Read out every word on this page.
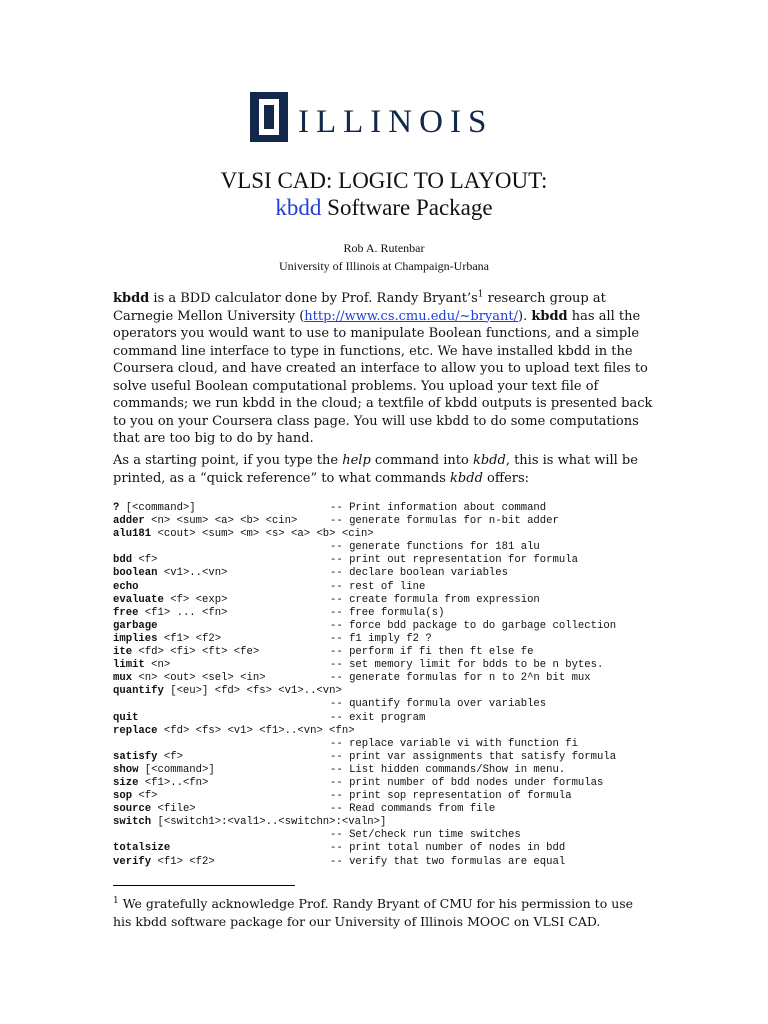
ILLINOIS
VLSI CAD: LOGIC TO LAYOUT:
kbdd Software Package
Rob A. Rutenbar
University of Illinois at Champaign-Urbana
kbdd is a BDD calculator done by Prof. Randy $Bryant’s^1$ research group at Carnegie Mellon University (http://www.cs.cmu.edu/~bryant/). kbdd has all the operators you would want to use to manipulate Boolean functions, and a simple command line interface to type in functions, etc. We have installed kbdd in the Coursera cloud, and have created an interface to allow you to upload text files to solve useful Boolean computational problems. You upload your text file of commands; we run kbdd in the cloud; a textfile of kbdd outputs is presented back to you on your Coursera class page. You will use kbdd to do some computations that are too big to do by hand.
As a starting point, if you type the help command into kbdd, this is what will be printed, as a “quick reference” to what commands kbdd offers:
? [<command>]	-- Print information about command
adder <n> <sum> <a> <b> <cin>	-- generate formulas for n-bit adder
alu181 <cout> <sum> <m> <s> <a> <b> <cin>
-- generate functions for 181 alu
bdd <f>	-- print out representation for formula
boolean <v1>..<vn>	-- declare boolean variables
echo	-- rest of line
evaluate <f> <exp>	-- create formula from expression
free <f1> ... <fn>	-- free formula(s)
garbage	-- force bdd package to do garbage collection
implies <f1> <f2>	-- f1 imply f2 ?
ite <fd> <fi> <ft> <fe>	-- perform if fi then ft else fe
limit <n>	-- set memory limit for bdds to be n bytes.
mux <n> <out> <sel> <in>	-- generate formulas for n to 2^n bit mux
quantify [<eu>] <fd> <fs> <v1>..<vn>
-- quantify formula over variables
quit	-- exit program
replace <fd> <fs> <v1> <f1>..<vn> <fn>
-- replace variable vi with function fi
satisfy <f>	-- print var assignments that satisfy formula
show [<command>]	-- List hidden commands/Show in menu.
size <f1>..<fn>	-- print number of bdd nodes under formulas
sop <f>	-- print sop representation of formula
source <file>	-- Read commands from file
switch [<switch1>:<val1>..<switchn>:<valn>]
-- Set/check run time switches
totalsize	-- print total number of nodes in bdd
verify <f1> <f2>	-- verify that two formulas are equal
$^1$ We gratefully acknowledge Prof. Randy Bryant of CMU for his permission to use his kbdd software package for our University of Illinois MOOC on VLSI CAD.
